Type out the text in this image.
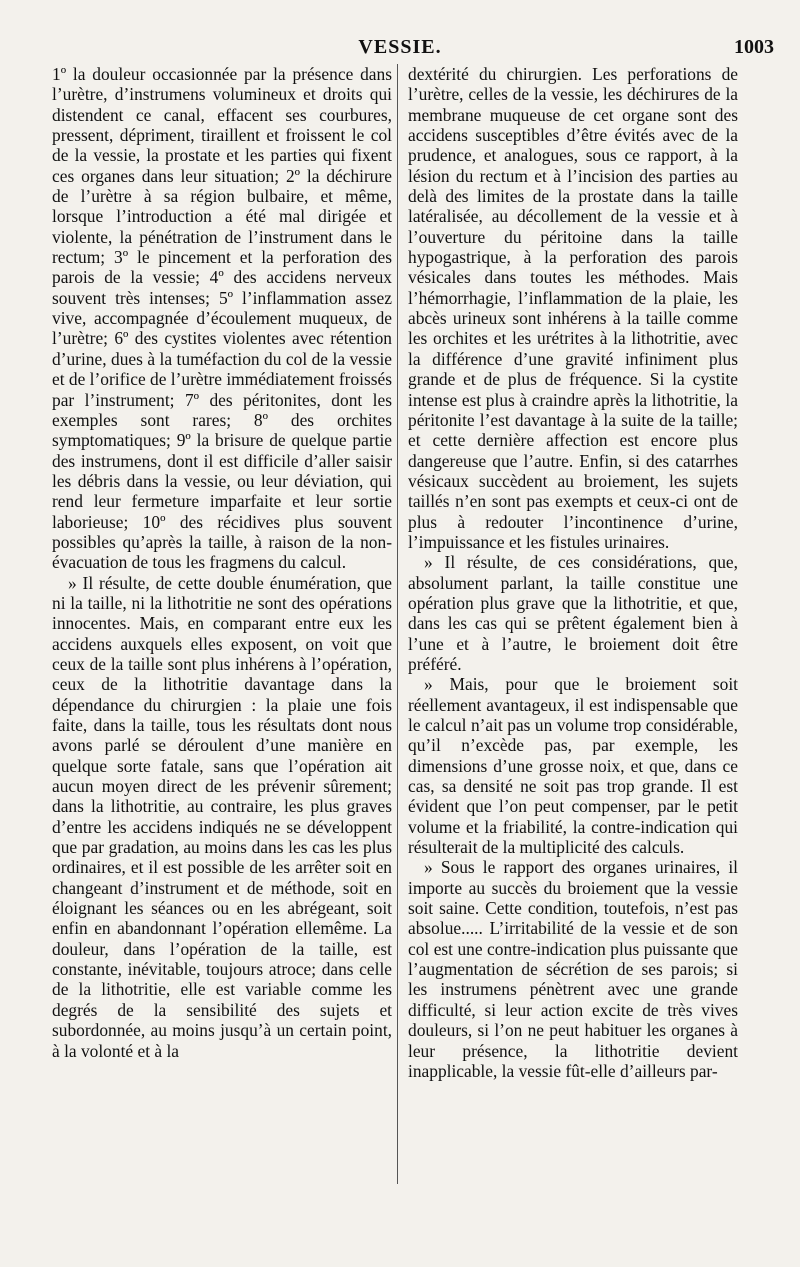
VESSIE.	1003

1º la douleur occasionnée par la présence dans l’urètre, d’instrumens volumineux et droits qui distendent ce canal, effacent ses courbures, pressent, dépriment, tiraillent et froissent le col de la vessie, la prostate et les parties qui fixent ces organes dans leur situation; 2º la déchirure de l’urètre à sa région bulbaire, et même, lorsque l’introduction a été mal dirigée et violente, la pénétration de l’instrument dans le rectum; 3º le pincement et la perforation des parois de la vessie; 4º des accidens nerveux souvent très intenses; 5º l’inflammation assez vive, accompagnée d’écoulement muqueux, de l’urètre; 6º des cystites violentes avec rétention d’urine, dues à la tuméfaction du col de la vessie et de l’orifice de l’urètre immédiatement froissés par l’instrument; 7º des péritonites, dont les exemples sont rares; 8º des orchites symptomatiques; 9º la brisure de quelque partie des instrumens, dont il est difficile d’aller saisir les débris dans la vessie, ou leur déviation, qui rend leur fermeture imparfaite et leur sortie laborieuse; 10º des récidives plus souvent possibles qu’après la taille, à raison de la non-évacuation de tous les fragmens du calcul.

» Il résulte, de cette double énumération, que ni la taille, ni la lithotritie ne sont des opérations innocentes. Mais, en comparant entre eux les accidens auxquels elles exposent, on voit que ceux de la taille sont plus inhérens à l’opération, ceux de la lithotritie davantage dans la dépendance du chirurgien : la plaie une fois faite, dans la taille, tous les résultats dont nous avons parlé se déroulent d’une manière en quelque sorte fatale, sans que l’opération ait aucun moyen direct de les prévenir sûrement; dans la lithotritie, au contraire, les plus graves d’entre les accidens indiqués ne se développent que par gradation, au moins dans les cas les plus ordinaires, et il est possible de les arrêter soit en changeant d’instrument et de méthode, soit en éloignant les séances ou en les abrégeant, soit enfin en abandonnant l’opération ellemême. La douleur, dans l’opération de la taille, est constante, inévitable, toujours atroce; dans celle de la lithotritie, elle est variable comme les degrés de la sensibilité des sujets et subordonnée, au moins jusqu’à un certain point, à la volonté et à la

dextérité du chirurgien. Les perforations de l’urètre, celles de la vessie, les déchirures de la membrane muqueuse de cet organe sont des accidens susceptibles d’être évités avec de la prudence, et analogues, sous ce rapport, à la lésion du rectum et à l’incision des parties au delà des limites de la prostate dans la taille latéralisée, au décollement de la vessie et à l’ouverture du péritoine dans la taille hypogastrique, à la perforation des parois vésicales dans toutes les méthodes. Mais l’hémorrhagie, l’inflammation de la plaie, les abcès urineux sont inhérens à la taille comme les orchites et les urétrites à la lithotritie, avec la différence d’une gravité infiniment plus grande et de plus de fréquence. Si la cystite intense est plus à craindre après la lithotritie, la péritonite l’est davantage à la suite de la taille; et cette dernière affection est encore plus dangereuse que l’autre. Enfin, si des catarrhes vésicaux succèdent au broiement, les sujets taillés n’en sont pas exempts et ceux-ci ont de plus à redouter l’incontinence d’urine, l’impuissance et les fistules urinaires.

» Il résulte, de ces considérations, que, absolument parlant, la taille constitue une opération plus grave que la lithotritie, et que, dans les cas qui se prêtent également bien à l’une et à l’autre, le broiement doit être préféré.

» Mais, pour que le broiement soit réellement avantageux, il est indispensable que le calcul n’ait pas un volume trop considérable, qu’il n’excède pas, par exemple, les dimensions d’une grosse noix, et que, dans ce cas, sa densité ne soit pas trop grande. Il est évident que l’on peut compenser, par le petit volume et la friabilité, la contre-indication qui résulterait de la multiplicité des calculs.

» Sous le rapport des organes urinaires, il importe au succès du broiement que la vessie soit saine. Cette condition, toutefois, n’est pas absolue..... L’irritabilité de la vessie et de son col est une contre-indication plus puissante que l’augmentation de sécrétion de ses parois; si les instrumens pénètrent avec une grande difficulté, si leur action excite de très vives douleurs, si l’on ne peut habituer les organes à leur présence, la lithotritie devient inapplicable, la vessie fût-elle d’ailleurs par-
